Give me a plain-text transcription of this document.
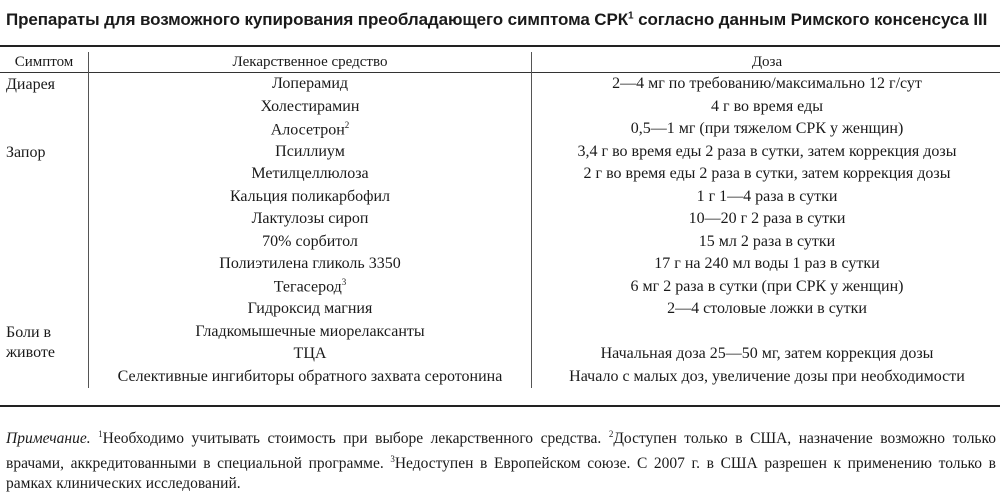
Препараты для возможного купирования преобладающего симптома СРК$^1$ согласно данным Римского консенсуса III
Симптом	Лекарственное средство	Доза
Диарея	Лоперамид	2—4 мг по требованию/максимально 12 г/сут
	Холестирамин	4 г во время еды
	Алосетрон$^2$	0,5—1 мг (при тяжелом СРК у женщин)
Запор	Псиллиум	3,4 г во время еды 2 раза в сутки, затем коррекция дозы
	Метилцеллюлоза	2 г во время еды 2 раза в сутки, затем коррекция дозы
	Кальция поликарбофил	1 г 1—4 раза в сутки
	Лактулозы сироп	10—20 г 2 раза в сутки
	70% сорбитол	15 мл 2 раза в сутки
	Полиэтилена гликоль 3350	17 г на 240 мл воды 1 раз в сутки
	Тегасерод$^3$	6 мг 2 раза в сутки (при СРК у женщин)
	Гидроксид магния	2—4 столовые ложки в сутки
Боли в животе	Гладкомышечные миорелаксанты	
	ТЦА	Начальная доза 25—50 мг, затем коррекция дозы
	Селективные ингибиторы обратного захвата серотонина	Начало с малых доз, увеличение дозы при необходимости
Примечание. $^1$Необходимо учитывать стоимость при выборе лекарственного средства. $^2$Доступен только в США, назначение возможно только врачами, аккредитованными в специальной программе. $^3$Недоступен в Европейском союзе. С 2007 г. в США разрешен к применению только в рамках клинических исследований.
